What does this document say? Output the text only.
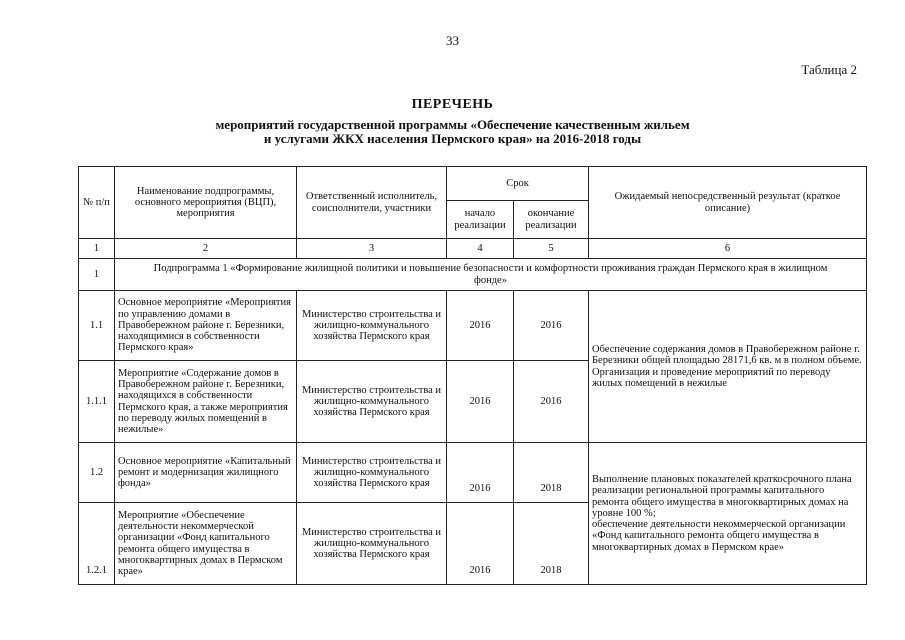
33
Таблица 2
ПЕРЕЧЕНЬ
мероприятий государственной программы «Обеспечение качественным жильем
и услугами ЖКХ населения Пермского края» на 2016-2018 годы
№ п/п	Наименование подпрограммы, основного мероприятия (ВЦП), мероприятия	Ответственный исполнитель, соисполнители, участники	Срок		Ожидаемый непосредственный результат (краткое описание)
			начало реализации	окончание реализации	
1	2	3	4	5	6
1	Подпрограмма 1 «Формирование жилищной политики и повышение безопасности и комфортности проживания граждан Пермского края в жилищном фонде»				
1.1	Основное мероприятие «Мероприятия по управлению домами в Правобережном районе г. Березники, находящимися в собственности Пермского края»	Министерство строительства и жилищно-коммунального хозяйства Пермского края	2016	2016	Обеспечение содержания домов в Правобережном районе г. Березники общей площадью 28171,6 кв. м в полном объеме.
Организация и проведение мероприятий по переводу жилых помещений в нежилые

1.1.1	Мероприятие «Содержание домов в Правобережном районе г. Березники, находящихся в собственности Пермского края, а также мероприятия по переводу жилых помещений в нежилые»	Министерство строительства и жилищно-коммунального хозяйства Пермского края	2016	2016	
1.2	Основное мероприятие «Капитальный ремонт и модернизация жилищного фонда»	Министерство строительства и жилищно-коммунального хозяйства Пермского края	2016	2018	Выполнение плановых показателей краткосрочного плана реализации региональной программы капитального ремонта общего имущества в многоквартирных домах на уровне 100 %;
обеспечение деятельности некоммерческой организации «Фонд капитального ремонта общего имущества в многоквартирных домах в Пермском крае»

1.2.1	Мероприятие «Обеспечение деятельности некоммерческой организации «Фонд капитального ремонта общего имущества в многоквартирных домах в Пермском крае»	Министерство строительства и жилищно-коммунального хозяйства Пермского края	2016	2018	
